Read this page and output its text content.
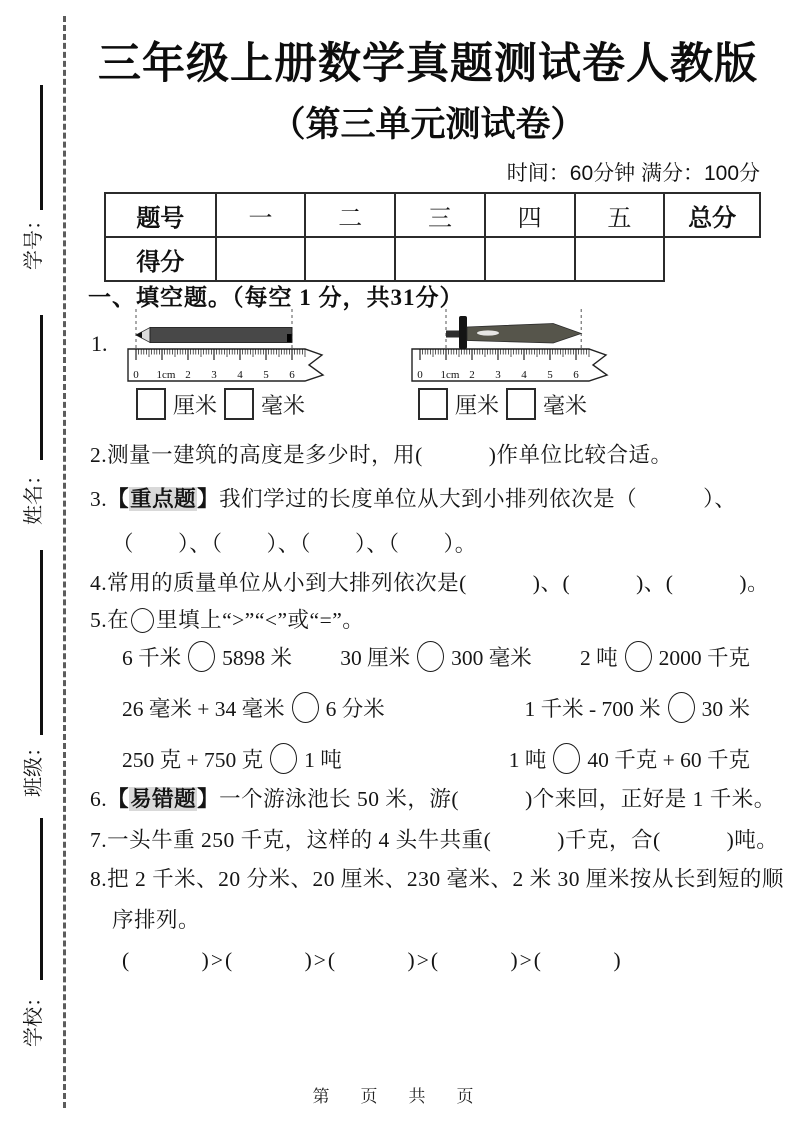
学号：
姓名：
班级：
学校：
三年级上册数学真题测试卷人教版
（第三单元测试卷）
时间：60分钟 满分：100分
题号	一	二	三	四	五	总分
得分						
一、填空题。（每空 1 分，共31分）
1.
0 1cm 2 3 4 5 6	0 1cm 2 3 4 5 6
厘米 毫米	厘米 毫米

2.测量一建筑的高度是多少时，用(　　　)作单位比较合适。

3.【重点题】我们学过的长度单位从大到小排列依次是（　　　）、

（　　）、（　　）、（　　）、（　　）。

4.常用的质量单位从小到大排列依次是(　　　)、(　　　)、(　　　)。

5.在 里填上“>”“<”或“=”。

6 千米 5898 米 30 厘米 300 毫米 2 吨 2000 千克
26 毫米 + 34 毫米 6 分米	1 千米 - 700 米 30 米
250 克 + 750 克 1 吨	1 吨 40 千克 + 60 千克

6.【易错题】一个游泳池长 50 米，游(　　　)个来回，正好是 1 千米。

7.一头牛重 250 千克，这样的 4 头牛共重(　　　)千克，合(　　　)吨。

8.把 2 千米、20 分米、20 厘米、230 毫米、2 米 30 厘米按从长到短的顺

序排列。

(　　　)>(　　　)>(　　　)>(　　　)>(　　　)

第　页　共　页
